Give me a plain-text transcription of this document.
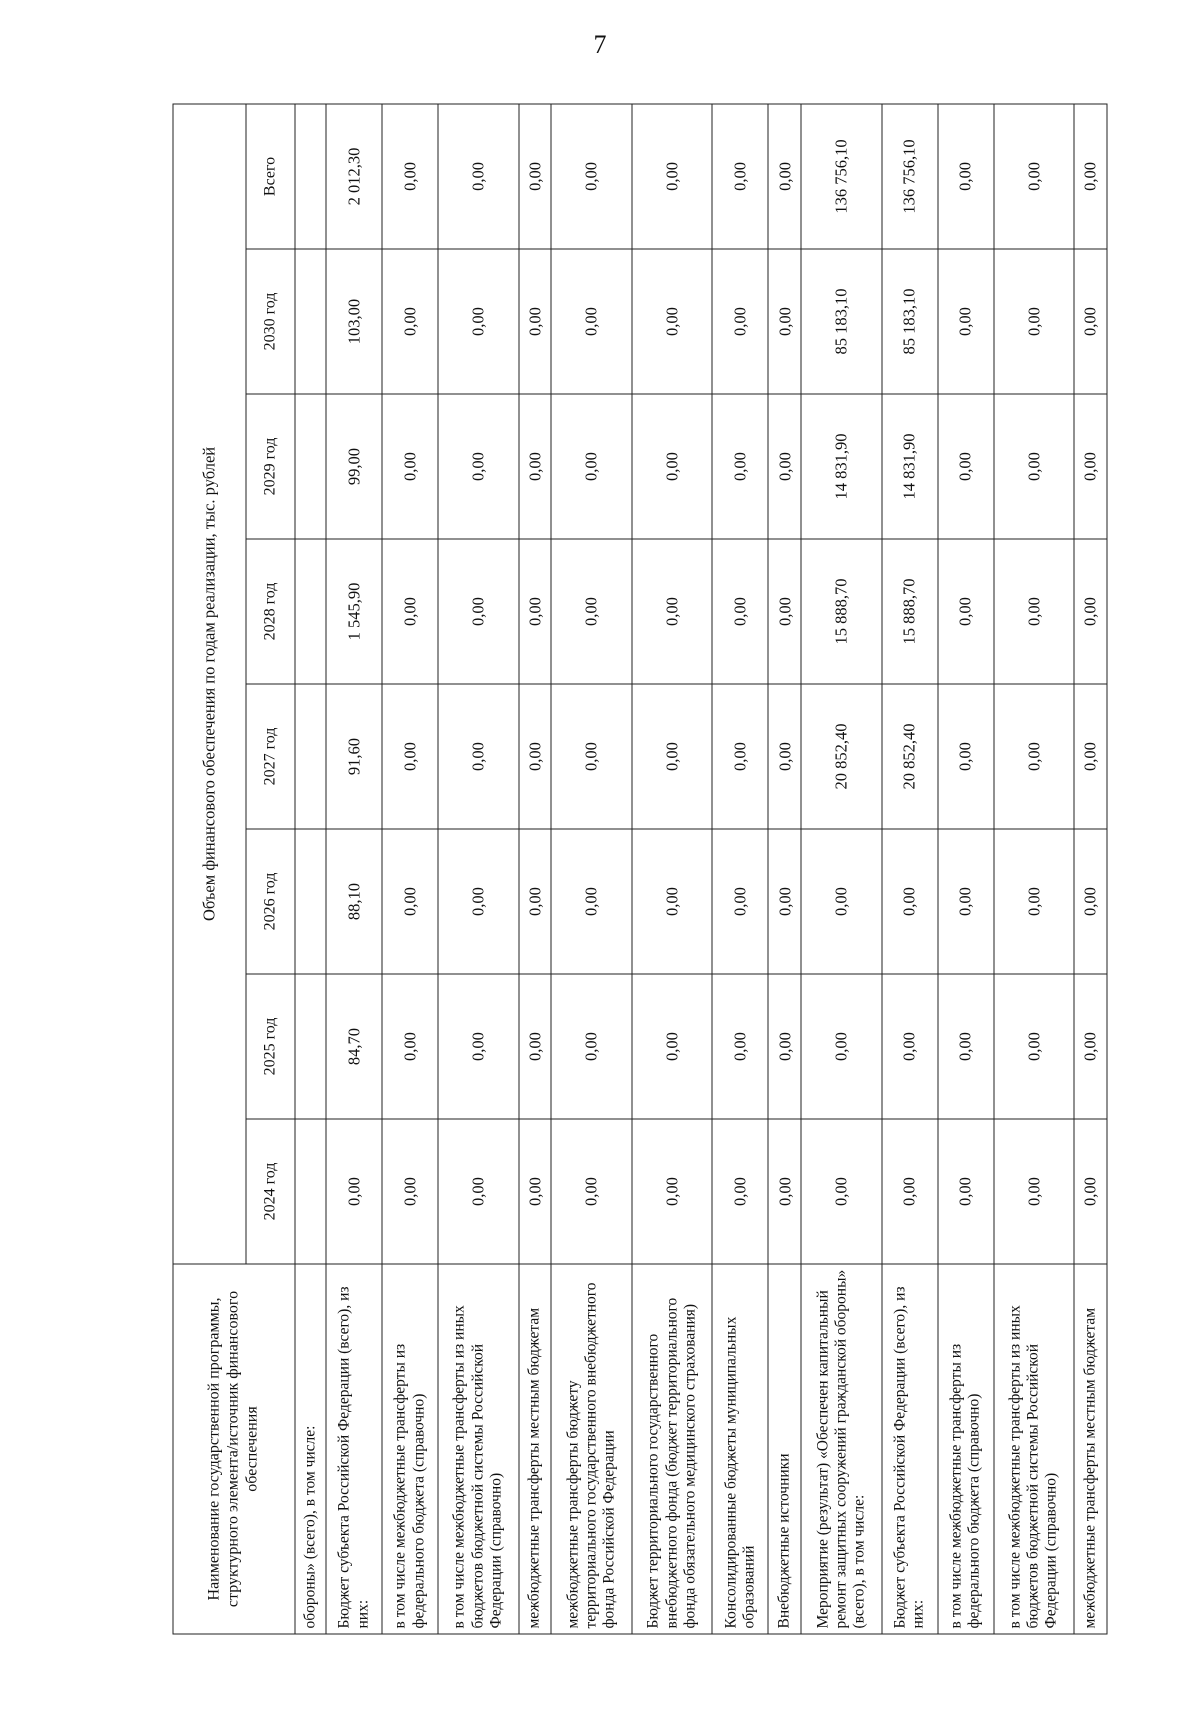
7
Наименование государственной программы, структурного элемента/источник финансового обеспечения	Объем финансового обеспечения по годам реализации, тыс. рублей							
	2024 год	2025 год	2026 год	2027 год	2028 год	2029 год	2030 год	Всего
обороны» (всего), в том числе:								
Бюджет субъекта Российской Федерации (всего), из них:	0,00	84,70	88,10	91,60	1 545,90	99,00	103,00	2 012,30
в том числе межбюджетные трансферты из федерального бюджета (справочно)	0,00	0,00	0,00	0,00	0,00	0,00	0,00	0,00
в том числе межбюджетные трансферты из иных бюджетов бюджетной системы Российской Федерации (справочно)	0,00	0,00	0,00	0,00	0,00	0,00	0,00	0,00
межбюджетные трансферты местным бюджетам	0,00	0,00	0,00	0,00	0,00	0,00	0,00	0,00
межбюджетные трансферты бюджету территориального государственного внебюджетного фонда Российской Федерации	0,00	0,00	0,00	0,00	0,00	0,00	0,00	0,00
Бюджет территориального государственного внебюджетного фонда (бюджет территориального фонда обязательного медицинского страхования)	0,00	0,00	0,00	0,00	0,00	0,00	0,00	0,00
Консолидированные бюджеты муниципальных образований	0,00	0,00	0,00	0,00	0,00	0,00	0,00	0,00
Внебюджетные источники	0,00	0,00	0,00	0,00	0,00	0,00	0,00	0,00
Мероприятие (результат) «Обеспечен капитальный ремонт защитных сооружений гражданской обороны» (всего), в том числе:	0,00	0,00	0,00	20 852,40	15 888,70	14 831,90	85 183,10	136 756,10
Бюджет субъекта Российской Федерации (всего), из них:	0,00	0,00	0,00	20 852,40	15 888,70	14 831,90	85 183,10	136 756,10
в том числе межбюджетные трансферты из федерального бюджета (справочно)	0,00	0,00	0,00	0,00	0,00	0,00	0,00	0,00
в том числе межбюджетные трансферты из иных бюджетов бюджетной системы Российской Федерации (справочно)	0,00	0,00	0,00	0,00	0,00	0,00	0,00	0,00
межбюджетные трансферты местным бюджетам	0,00	0,00	0,00	0,00	0,00	0,00	0,00	0,00
